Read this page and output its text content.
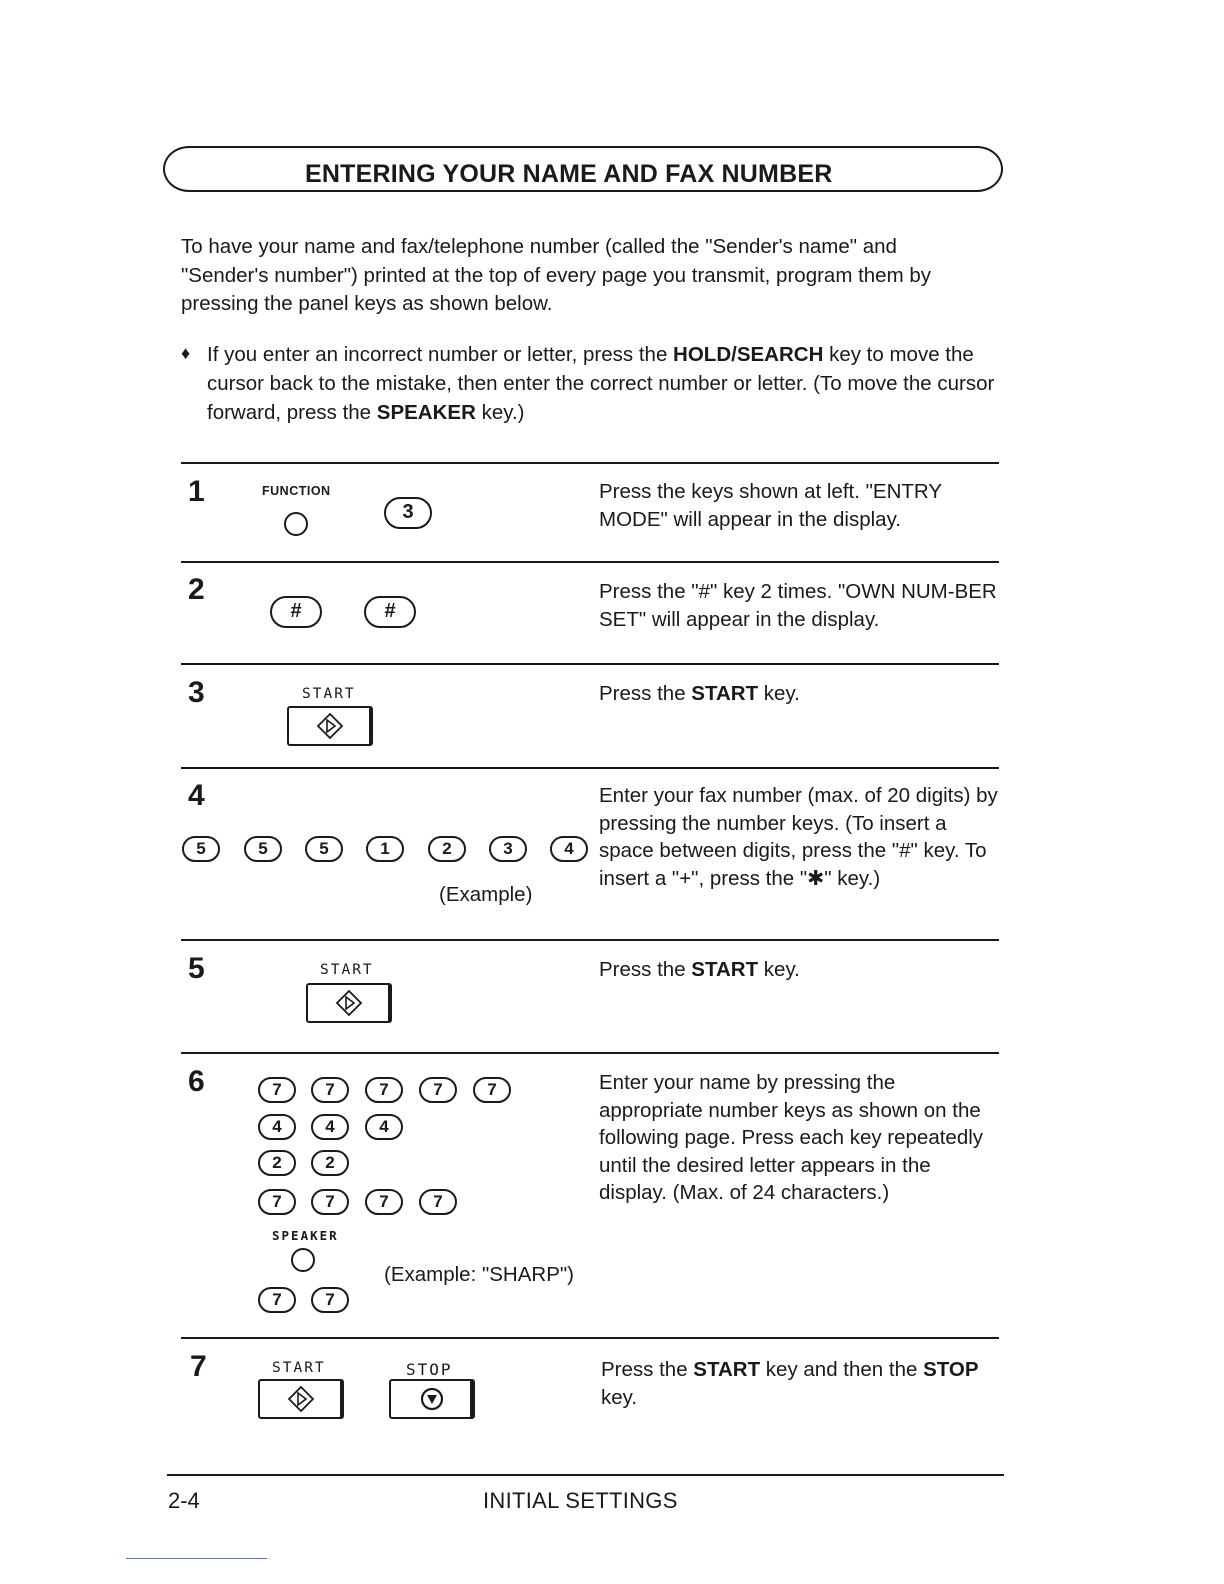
ENTERING YOUR NAME AND FAX NUMBER
To have your name and fax/telephone number (called the "Sender's name" and "Sender's number") printed at the top of every page you transmit, program them by pressing the panel keys as shown below.
♦ If you enter an incorrect number or letter, press the HOLD/SEARCH key to move the cursor back to the mistake, then enter the correct number or letter. (To move the cursor forward, press the SPEAKER key.)
1	FUNCTION
3
Press the keys shown at left. "ENTRY MODE" will appear in the display.
2
#	#
Press the "#" key 2 times. "OWN NUM-BER SET" will appear in the display.
3	START	Press the START key.
4
5	5	5	1	2	3	4
(Example)
Enter your fax number (max. of 20 digits) by pressing the number keys. (To insert a space between digits, press the "#" key. To insert a "+", press the "✱" key.)
5	START	Press the START key.
6	7	7	7	7	7
4	4	4
2	2
7	7	7	7
SPEAKER
(Example: "SHARP")
7	7
Enter your name by pressing the appropriate number keys as shown on the following page. Press each key repeatedly until the desired letter appears in the display. (Max. of 24 characters.)
7	START	STOP	Press the START key and then the STOP key.
2-4	INITIAL SETTINGS
